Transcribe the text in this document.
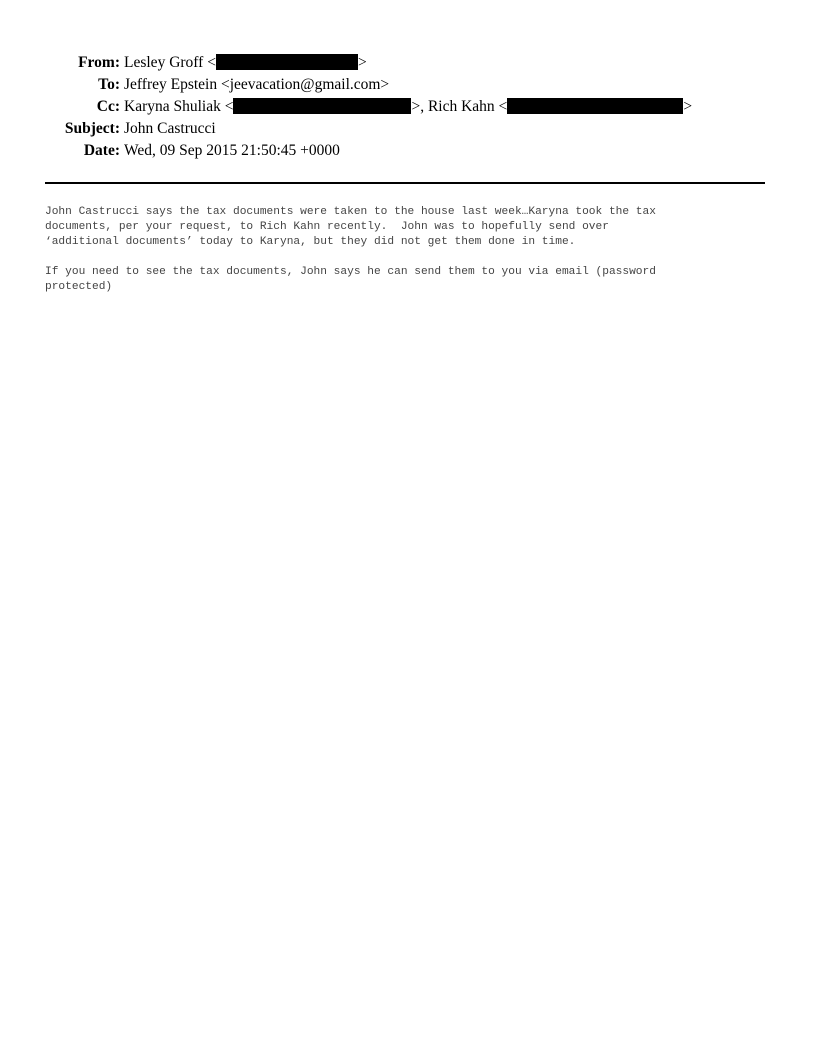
From: Lesley Groff <	>
To: Jeffrey Epstein <jeevacation@gmail.com>
Cc: Karyna Shuliak <	>, Rich Kahn <	>
Subject: John Castrucci
Date: Wed, 09 Sep 2015 21:50:45 +0000
John Castrucci says the tax documents were taken to the house last week…Karyna took the tax
documents, per your request, to Rich Kahn recently.  John was to hopefully send over
‘additional documents’ today to Karyna, but they did not get them done in time.
If you need to see the tax documents, John says he can send them to you via email (password
protected)
